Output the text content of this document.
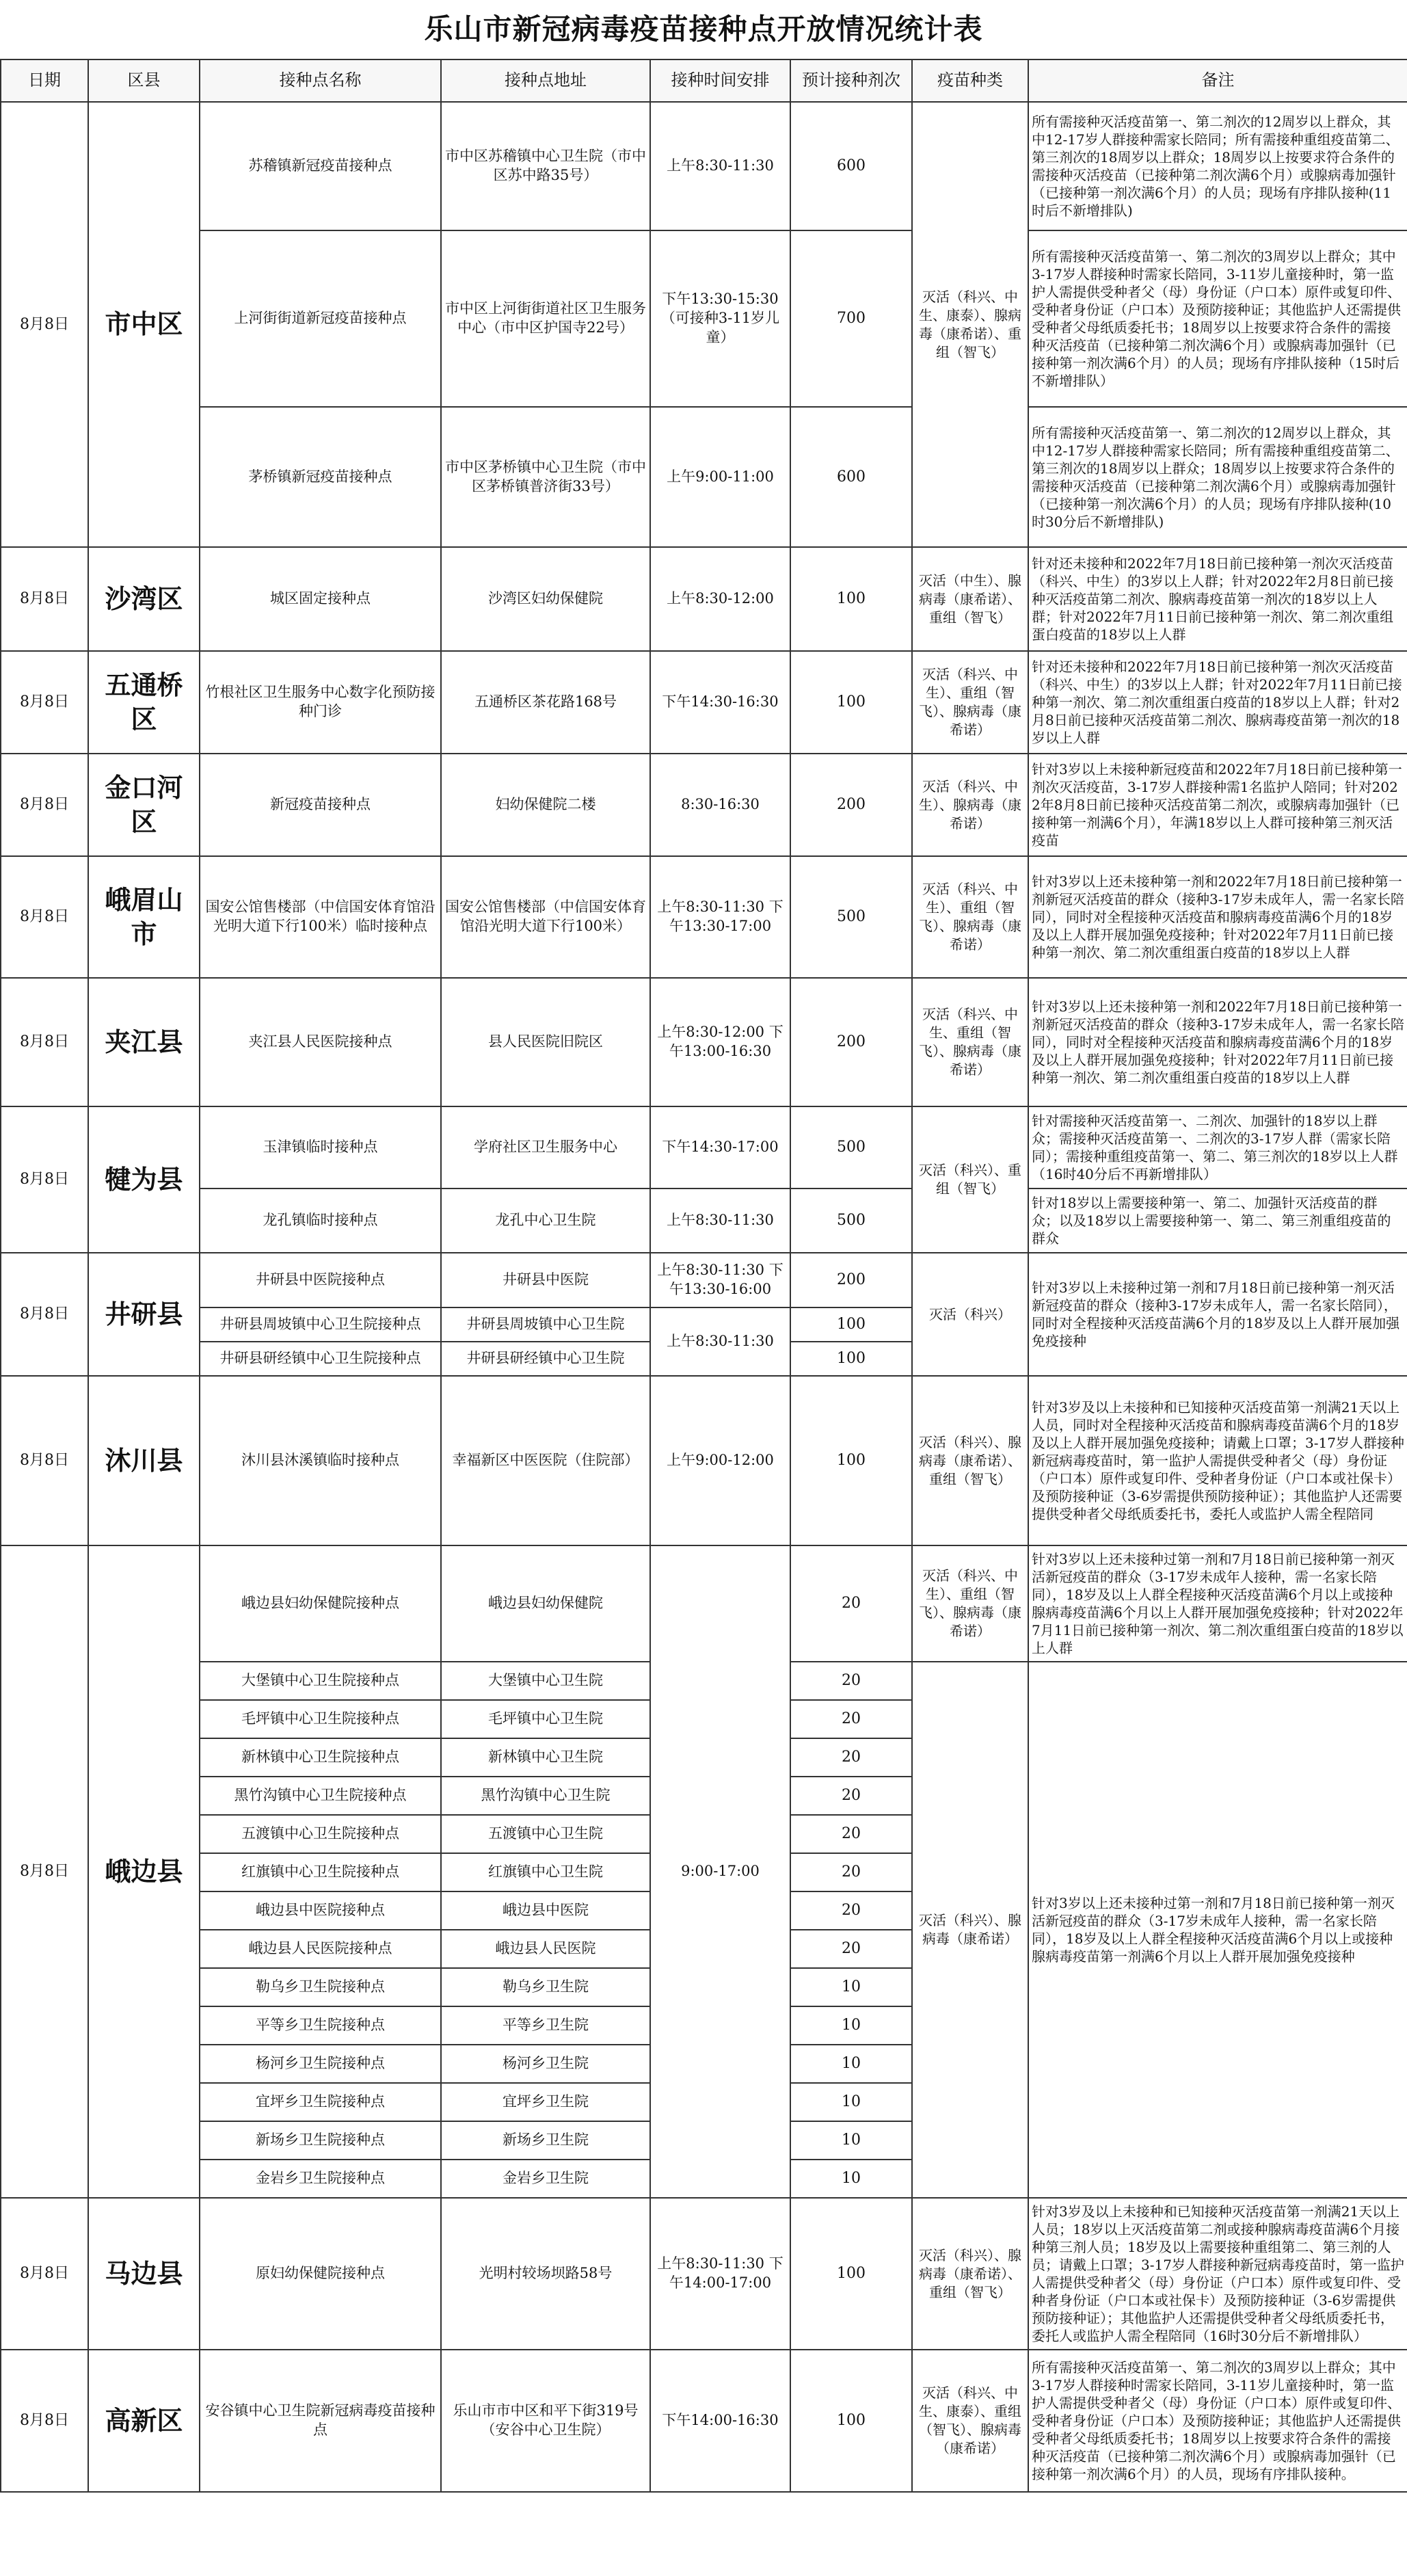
乐山市新冠病毒疫苗接种点开放情况统计表
日期	区县	接种点名称	接种点地址	接种时间安排	预计接种剂次	疫苗种类	备注
8月8日	市中区	苏稽镇新冠疫苗接种点	市中区苏稽镇中心卫生院（市中区苏中路35号）	上午8:30-11:30	600	灭活（科兴、中生、康泰）、腺病毒（康希诺）、重组（智飞）	所有需接种灭活疫苗第一、第二剂次的12周岁以上群众，其中12-17岁人群接种需家长陪同；所有需接种重组疫苗第二、第三剂次的18周岁以上群众；18周岁以上按要求符合条件的需接种灭活疫苗（已接种第二剂次满6个月）或腺病毒加强针（已接种第一剂次满6个月）的人员；现场有序排队接种(11时后不新增排队)
		上河街街道新冠疫苗接种点	市中区上河街街道社区卫生服务中心（市中区护国寺22号）	下午13:30-15:30（可接种3-11岁儿童）	700		所有需接种灭活疫苗第一、第二剂次的3周岁以上群众；其中3-17岁人群接种时需家长陪同，3-11岁儿童接种时，第一监护人需提供受种者父（母）身份证（户口本）原件或复印件、受种者身份证（户口本）及预防接种证；其他监护人还需提供受种者父母纸质委托书；18周岁以上按要求符合条件的需接种灭活疫苗（已接种第二剂次满6个月）或腺病毒加强针（已接种第一剂次满6个月）的人员；现场有序排队接种（15时后不新增排队）
		茅桥镇新冠疫苗接种点	市中区茅桥镇中心卫生院（市中区茅桥镇普济街33号）	上午9:00-11:00	600		所有需接种灭活疫苗第一、第二剂次的12周岁以上群众，其中12-17岁人群接种需家长陪同；所有需接种重组疫苗第二、第三剂次的18周岁以上群众；18周岁以上按要求符合条件的需接种灭活疫苗（已接种第二剂次满6个月）或腺病毒加强针（已接种第一剂次满6个月）的人员；现场有序排队接种(10时30分后不新增排队)
8月8日	沙湾区	城区固定接种点	沙湾区妇幼保健院	上午8:30-12:00	100	灭活（中生）、腺病毒（康希诺）、重组（智飞）	针对还未接种和2022年7月18日前已接种第一剂次灭活疫苗（科兴、中生）的3岁以上人群；针对2022年2月8日前已接种灭活疫苗第二剂次、腺病毒疫苗第一剂次的18岁以上人群；针对2022年7月11日前已接种第一剂次、第二剂次重组蛋白疫苗的18岁以上人群
8月8日	五通桥区	竹根社区卫生服务中心数字化预防接种门诊	五通桥区茶花路168号	下午14:30-16:30	100	灭活（科兴、中生）、重组（智飞）、腺病毒（康希诺）	针对还未接种和2022年7月18日前已接种第一剂次灭活疫苗（科兴、中生）的3岁以上人群；针对2022年7月11日前已接种第一剂次、第二剂次重组蛋白疫苗的18岁以上人群；针对2月8日前已接种灭活疫苗第二剂次、腺病毒疫苗第一剂次的18岁以上人群
8月8日	金口河区	新冠疫苗接种点	妇幼保健院二楼	8:30-16:30	200	灭活（科兴、中生）、腺病毒（康希诺）	针对3岁以上未接种新冠疫苗和2022年7月18日前已接种第一剂次灭活疫苗，3-17岁人群接种需1名监护人陪同；针对2022年8月8日前已接种灭活疫苗第二剂次，或腺病毒加强针（已接种第一剂满6个月），年满18岁以上人群可接种第三剂灭活疫苗
8月8日	峨眉山市	国安公馆售楼部（中信国安体育馆沿光明大道下行100米）临时接种点	国安公馆售楼部（中信国安体育馆沿光明大道下行100米）	上午8:30-11:30 下午13:30-17:00	500	灭活（科兴、中生）、重组（智飞）、腺病毒（康希诺）	针对3岁以上还未接种第一剂和2022年7月18日前已接种第一剂新冠灭活疫苗的群众（接种3-17岁未成年人，需一名家长陪同），同时对全程接种灭活疫苗和腺病毒疫苗满6个月的18岁及以上人群开展加强免疫接种；针对2022年7月11日前已接种第一剂次、第二剂次重组蛋白疫苗的18岁以上人群
8月8日	夹江县	夹江县人民医院接种点	县人民医院旧院区	上午8:30-12:00 下午13:00-16:30	200	灭活（科兴、中生、重组（智飞）、腺病毒（康希诺）	针对3岁以上还未接种第一剂和2022年7月18日前已接种第一剂新冠灭活疫苗的群众（接种3-17岁未成年人，需一名家长陪同），同时对全程接种灭活疫苗和腺病毒疫苗满6个月的18岁及以上人群开展加强免疫接种；针对2022年7月11日前已接种第一剂次、第二剂次重组蛋白疫苗的18岁以上人群
8月8日	犍为县	玉津镇临时接种点	学府社区卫生服务中心	下午14:30-17:00	500	灭活（科兴）、重组（智飞）	针对需接种灭活疫苗第一、二剂次、加强针的18岁以上群众；需接种灭活疫苗第一、二剂次的3-17岁人群（需家长陪同）；需接种重组疫苗第一、第二、第三剂次的18岁以上人群（16时40分后不再新增排队）
		龙孔镇临时接种点	龙孔中心卫生院	上午8:30-11:30	500		针对18岁以上需要接种第一、第二、加强针灭活疫苗的群众；以及18岁以上需要接种第一、第二、第三剂重组疫苗的群众
8月8日	井研县	井研县中医院接种点	井研县中医院	上午8:30-11:30 下午13:30-16:00	200	灭活（科兴）	针对3岁以上未接种过第一剂和7月18日前已接种第一剂灭活新冠疫苗的群众（接种3-17岁未成年人，需一名家长陪同），同时对全程接种灭活疫苗满6个月的18岁及以上人群开展加强免疫接种
		井研县周坡镇中心卫生院接种点	井研县周坡镇中心卫生院	上午8:30-11:30	100		
		井研县研经镇中心卫生院接种点	井研县研经镇中心卫生院		100		
8月8日	沐川县	沐川县沐溪镇临时接种点	幸福新区中医医院（住院部）	上午9:00-12:00	100	灭活（科兴）、腺病毒（康希诺）、重组（智飞）	针对3岁及以上未接种和已知接种灭活疫苗第一剂满21天以上人员，同时对全程接种灭活疫苗和腺病毒疫苗满6个月的18岁及以上人群开展加强免疫接种；请戴上口罩；3-17岁人群接种新冠病毒疫苗时，第一监护人需提供受种者父（母）身份证（户口本）原件或复印件、受种者身份证（户口本或社保卡）及预防接种证（3-6岁需提供预防接种证）；其他监护人还需要提供受种者父母纸质委托书，委托人或监护人需全程陪同
8月8日	峨边县	峨边县妇幼保健院接种点	峨边县妇幼保健院	9:00-17:00	20	灭活（科兴、中生）、重组（智飞）、腺病毒（康希诺）	针对3岁以上还未接种过第一剂和7月18日前已接种第一剂灭活新冠疫苗的群众（3-17岁未成年人接种，需一名家长陪同），18岁及以上人群全程接种灭活疫苗满6个月以上或接种腺病毒疫苗满6个月以上人群开展加强免疫接种；针对2022年7月11日前已接种第一剂次、第二剂次重组蛋白疫苗的18岁以上人群
		大堡镇中心卫生院接种点	大堡镇中心卫生院		20	灭活（科兴）、腺病毒（康希诺）	针对3岁以上还未接种过第一剂和7月18日前已接种第一剂灭活新冠疫苗的群众（3-17岁未成年人接种，需一名家长陪同），18岁及以上人群全程接种灭活疫苗满6个月以上或接种腺病毒疫苗第一剂满6个月以上人群开展加强免疫接种
		毛坪镇中心卫生院接种点	毛坪镇中心卫生院		20		
		新林镇中心卫生院接种点	新林镇中心卫生院		20		
		黑竹沟镇中心卫生院接种点	黑竹沟镇中心卫生院		20		
		五渡镇中心卫生院接种点	五渡镇中心卫生院		20		
		红旗镇中心卫生院接种点	红旗镇中心卫生院		20		
		峨边县中医院接种点	峨边县中医院		20		
		峨边县人民医院接种点	峨边县人民医院		20		
		勒乌乡卫生院接种点	勒乌乡卫生院		10		
		平等乡卫生院接种点	平等乡卫生院		10		
		杨河乡卫生院接种点	杨河乡卫生院		10		
		宜坪乡卫生院接种点	宜坪乡卫生院		10		
		新场乡卫生院接种点	新场乡卫生院		10		
		金岩乡卫生院接种点	金岩乡卫生院		10		
8月8日	马边县	原妇幼保健院接种点	光明村较场坝路58号	上午8:30-11:30 下午14:00-17:00	100	灭活（科兴）、腺病毒（康希诺）、重组（智飞）	针对3岁及以上未接种和已知接种灭活疫苗第一剂满21天以上人员；18岁以上灭活疫苗第二剂或接种腺病毒疫苗满6个月接种第三剂人员；18岁及以上需要接种重组第二、第三剂的人员；请戴上口罩；3-17岁人群接种新冠病毒疫苗时，第一监护人需提供受种者父（母）身份证（户口本）原件或复印件、受种者身份证（户口本或社保卡）及预防接种证（3-6岁需提供预防接种证）；其他监护人还需提供受种者父母纸质委托书，委托人或监护人需全程陪同（16时30分后不新增排队）
8月8日	高新区	安谷镇中心卫生院新冠病毒疫苗接种点	乐山市市中区和平下街319号（安谷中心卫生院）	下午14:00-16:30	100	灭活（科兴、中生、康泰）、重组（智飞）、腺病毒（康希诺）	所有需接种灭活疫苗第一、第二剂次的3周岁以上群众；其中3-17岁人群接种时需家长陪同，3-11岁儿童接种时，第一监护人需提供受种者父（母）身份证（户口本）原件或复印件、受种者身份证（户口本）及预防接种证；其他监护人还需提供受种者父母纸质委托书；18周岁以上按要求符合条件的需接种灭活疫苗（已接种第二剂次满6个月）或腺病毒加强针（已接种第一剂次满6个月）的人员，现场有序排队接种。
